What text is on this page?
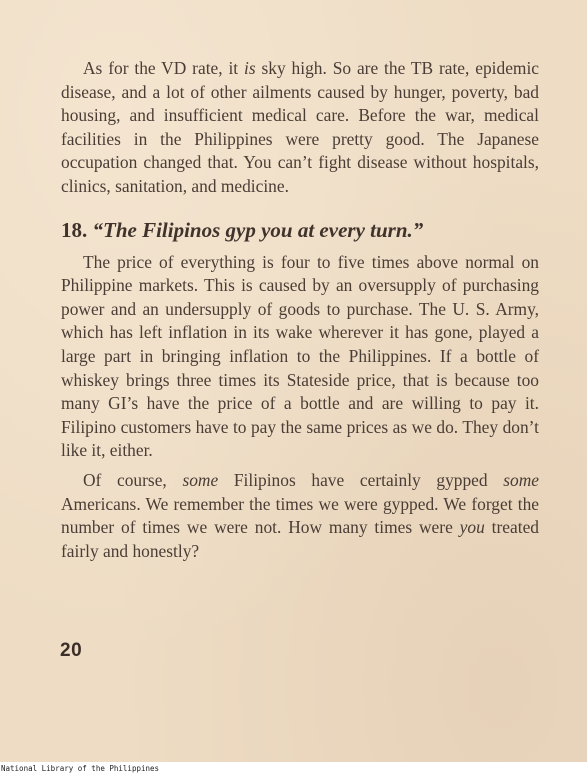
As for the VD rate, it is sky high. So are the TB rate, epidemic disease, and a lot of other ailments caused by hunger, poverty, bad housing, and insufficient medical care. Before the war, medical facilities in the Philippines were pretty good. The Japanese occupation changed that. You can’t fight disease without hospitals, clinics, sanitation, and medicine.

18. “The Filipinos gyp you at every turn.”

The price of everything is four to five times above normal on Philippine markets. This is caused by an oversupply of purchasing power and an undersupply of goods to purchase. The U. S. Army, which has left inflation in its wake wherever it has gone, played a large part in bringing inflation to the Philippines. If a bottle of whiskey brings three times its Stateside price, that is because too many GI’s have the price of a bottle and are willing to pay it. Filipino customers have to pay the same prices as we do. They don’t like it, either.

Of course, some Filipinos have certainly gypped some Americans. We remember the times we were gypped. We forget the number of times we were not. How many times were you treated fairly and honestly?

20
National Library of the Philippines
